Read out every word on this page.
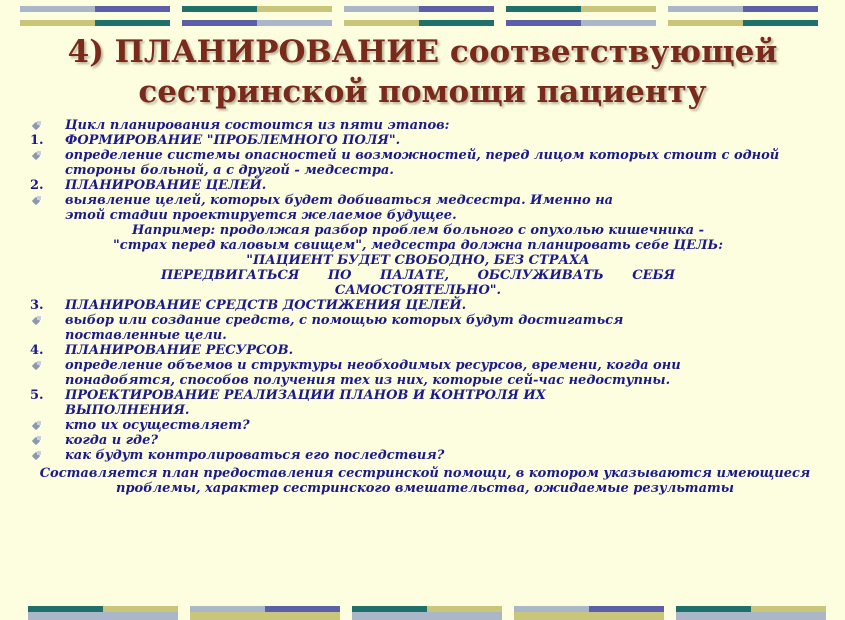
4) ПЛАНИРОВАНИЕ соответствующей
сестринской помощи пациенту
Цикл планирования состоится из пяти этапов:
1.	ФОРМИРОВАНИЕ "ПРОБЛЕМНОГО ПОЛЯ".
определение системы опасностей и возможностей, перед лицом которых стоит с одной стороны больной, а с другой - медсестра.
2.	ПЛАНИРОВАНИЕ ЦЕЛЕЙ.
выявление целей, которых будет добиваться медсестра. Именно на этой стадии проектируется желаемое будущее.
Например: продолжая разбор проблем больного с опухолью кишечника -
"страх перед каловым свищем", медсестра должна планировать себе ЦЕЛЬ:
"ПАЦИЕНТ БУДЕТ СВОБОДНО, БЕЗ СТРАХА
ПЕРЕДВИГАТЬСЯ ПО ПАЛАТЕ, ОБСЛУЖИВАТЬ СЕБЯ
САМОСТОЯТЕЛЬНО".
3.	ПЛАНИРОВАНИЕ СРЕДСТВ ДОСТИЖЕНИЯ ЦЕЛЕЙ.
выбор или создание средств, с помощью которых будут достигаться поставленные цели.
4.	ПЛАНИРОВАНИЕ РЕСУРСОВ.
определение объемов и структуры необходимых ресурсов, времени, когда они понадобятся, способов получения тех из них, которые сей-час недоступны.
5.	ПРОЕКТИРОВАНИЕ РЕАЛИЗАЦИИ ПЛАНОВ И КОНТРОЛЯ ИХ ВЫПОЛНЕНИЯ.
кто их осуществляет?
когда и где?
как будут контролироваться его последствия?
Составляется план предоставления сестринской помощи, в котором указываются имеющиеся проблемы, характер сестринского вмешательства, ожидаемые результаты
